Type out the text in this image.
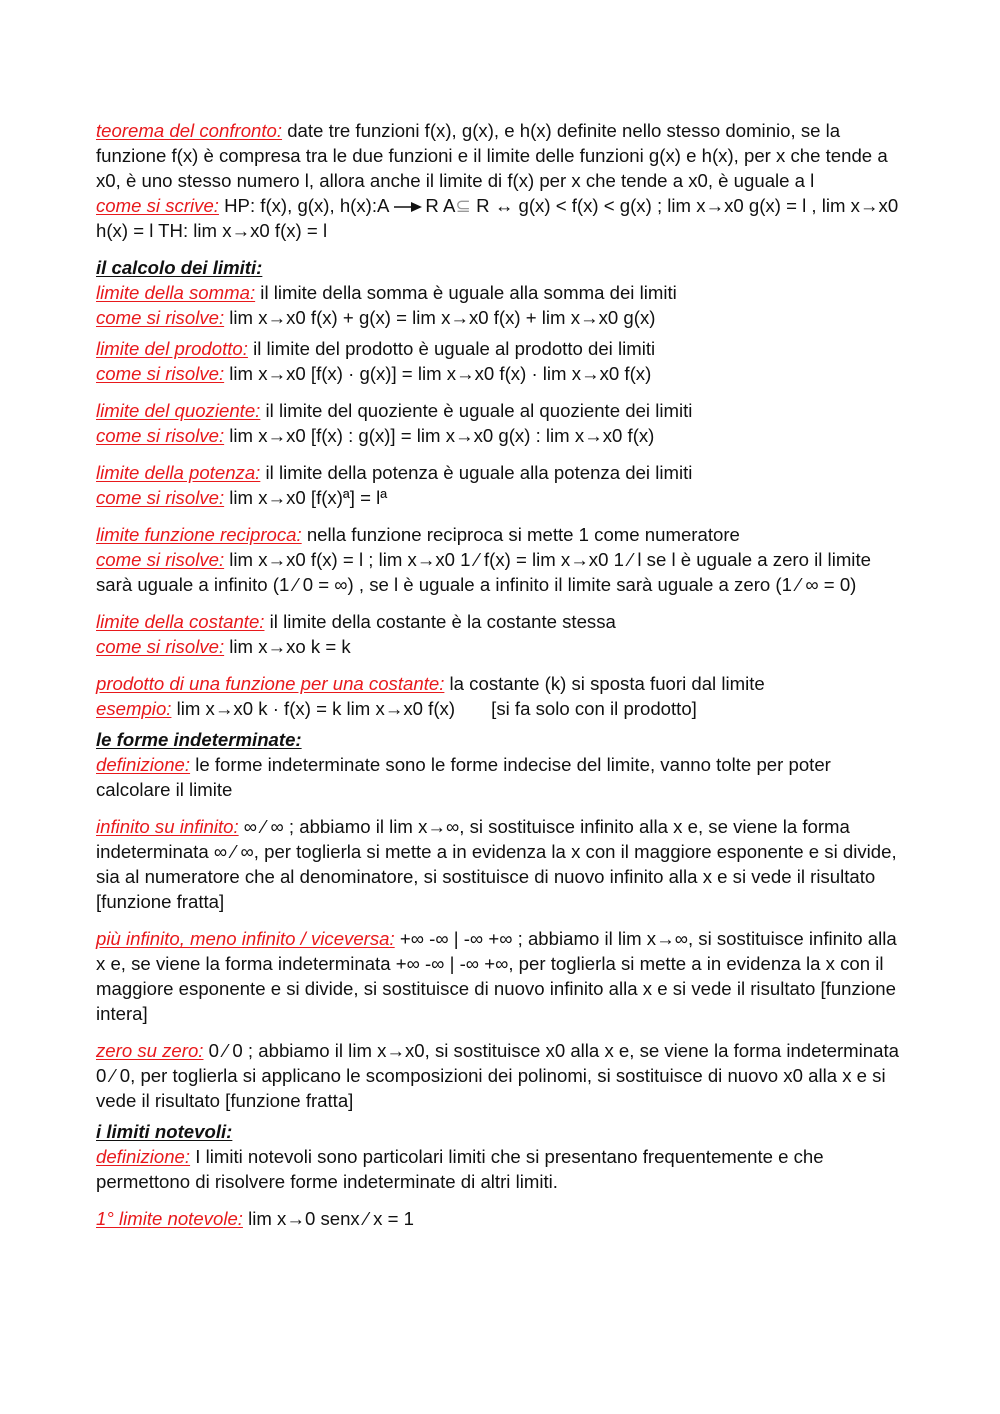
teorema del confronto: date tre funzioni f(x), g(x), e h(x) definite nello stesso dominio, se la funzione f(x) è compresa tra le due funzioni e il limite delle funzioni g(x) e h(x), per x che tende a x0, è uno stesso numero l, allora anche il limite di f(x) per x che tende a x0, è uguale a l

come si scrive: HP: f(x), g(x), h(x):A R A⊆ R ↔ g(x) < f(x) < g(x) ; lim x→x0 g(x) = l , lim x→x0 h(x) = l TH: lim x→x0 f(x) = l

il calcolo dei limiti:

limite della somma: il limite della somma è uguale alla somma dei limiti

come si risolve: lim x→x0 f(x) + g(x) = lim x→x0 f(x) + lim x→x0 g(x)

limite del prodotto: il limite del prodotto è uguale al prodotto dei limiti

come si risolve: lim x→x0 [f(x) · g(x)] = lim x→x0 f(x) · lim x→x0 f(x)

limite del quoziente: il limite del quoziente è uguale al quoziente dei limiti

come si risolve: lim x→x0 [f(x) : g(x)] = lim x→x0 g(x) : lim x→x0 f(x)

limite della potenza: il limite della potenza è uguale alla potenza dei limiti

come si risolve: lim x→x0 [f(x)ª] = lª

limite funzione reciproca: nella funzione reciproca si mette 1 come numeratore

come si risolve: lim x→x0 f(x) = l ; lim x→x0 1 ⁄ f(x) = lim x→x0 1 ⁄ l se l è uguale a zero il limite sarà uguale a infinito (1 ⁄ 0 = ∞) , se l è uguale a infinito il limite sarà uguale a zero (1 ⁄ ∞ = 0)

limite della costante: il limite della costante è la costante stessa

come si risolve: lim x→xo k = k

prodotto di una funzione per una costante: la costante (k) si sposta fuori dal limite

esempio: lim x→x0 k · f(x) = k lim x→x0 f(x)       [si fa solo con il prodotto]

le forme indeterminate:

definizione: le forme indeterminate sono le forme indecise del limite, vanno tolte per poter calcolare il limite

infinito su infinito: ∞ ⁄ ∞ ; abbiamo il lim x→∞, si sostituisce infinito alla x e, se viene la forma indeterminata ∞ ⁄ ∞, per toglierla si mette a in evidenza la x con il maggiore esponente e si divide, sia al numeratore che al denominatore, si sostituisce di nuovo infinito alla x e si vede il risultato [funzione fratta]

più infinito, meno infinito / viceversa: +∞ -∞ | -∞ +∞ ; abbiamo il lim x→∞, si sostituisce infinito alla x e, se viene la forma indeterminata +∞ -∞ | -∞ +∞, per toglierla si mette a in evidenza la x con il maggiore esponente e si divide, si sostituisce di nuovo infinito alla x e si vede il risultato [funzione intera]

zero su zero: 0 ⁄ 0 ; abbiamo il lim x→x0, si sostituisce x0 alla x e, se viene la forma indeterminata 0 ⁄ 0, per toglierla si applicano le scomposizioni dei polinomi, si sostituisce di nuovo x0 alla x e si vede il risultato [funzione fratta]

i limiti notevoli:

definizione: I limiti notevoli sono particolari limiti che si presentano frequentemente e che permettono di risolvere forme indeterminate di altri limiti.

1° limite notevole: lim x→0 senx ⁄ x = 1
